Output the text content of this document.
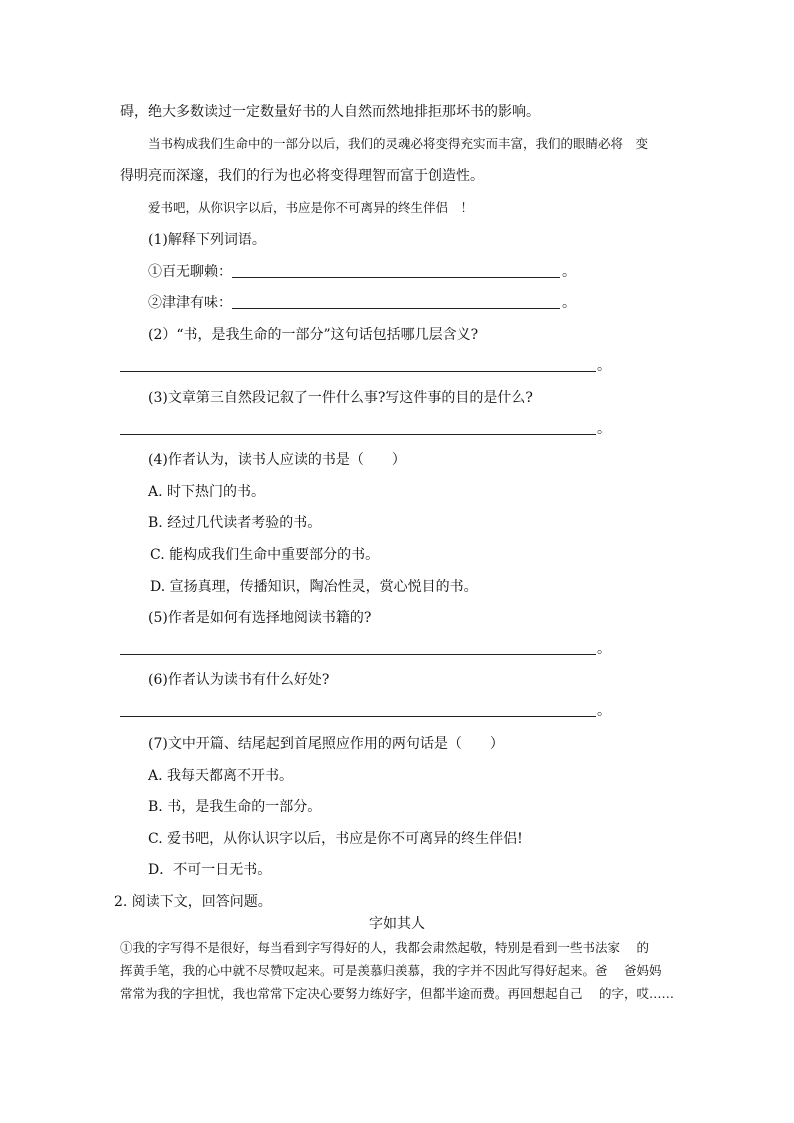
碍，绝大多数读过一定数量好书的人自然而然地排拒那坏书的影响。
当书构成我们生命中的一部分以后，我们的灵魂必将变得充实而丰富，我们的眼睛必将　变
得明亮而深邃，我们的行为也必将变得理智而富于创造性。
爱书吧，从你识字以后，书应是你不可离异的终生伴侣　！
(1)解释下列词语。
①百无聊赖：	。
②津津有味：	。
(2）“书，是我生命的一部分”这句话包括哪几层含义?
。
(3)文章第三自然段记叙了一件什么事?写这件事的目的是什么?
。
(4)作者认为，读书人应读的书是（　　）
A. 时下热门的书。
B. 经过几代读者考验的书。
C. 能构成我们生命中重要部分的书。
D. 宣扬真理，传播知识，陶冶性灵，赏心悦目的书。
(5)作者是如何有选择地阅读书籍的?
。
(6)作者认为读书有什么好处?
。
(7)文中开篇、结尾起到首尾照应作用的两句话是（　　）
A. 我每天都离不开书。
B. 书，是我生命的一部分。
C. 爱书吧，从你认识字以后，书应是你不可离异的终生伴侣!
D．不可一日无书。
2. 阅读下文，回答问题。
字如其人
①我的字写得不是很好，每当看到字写得好的人，我都会肃然起敬，特别是看到一些书法家　 的
挥黄手笔，我的心中就不尽赞叹起来。可是羡慕归羡慕，我的字并不因此写得好起来。爸　 爸妈妈
常常为我的字担忧，我也常常下定决心要努力练好字，但都半途而费。再回想起自己　 的字，哎……
